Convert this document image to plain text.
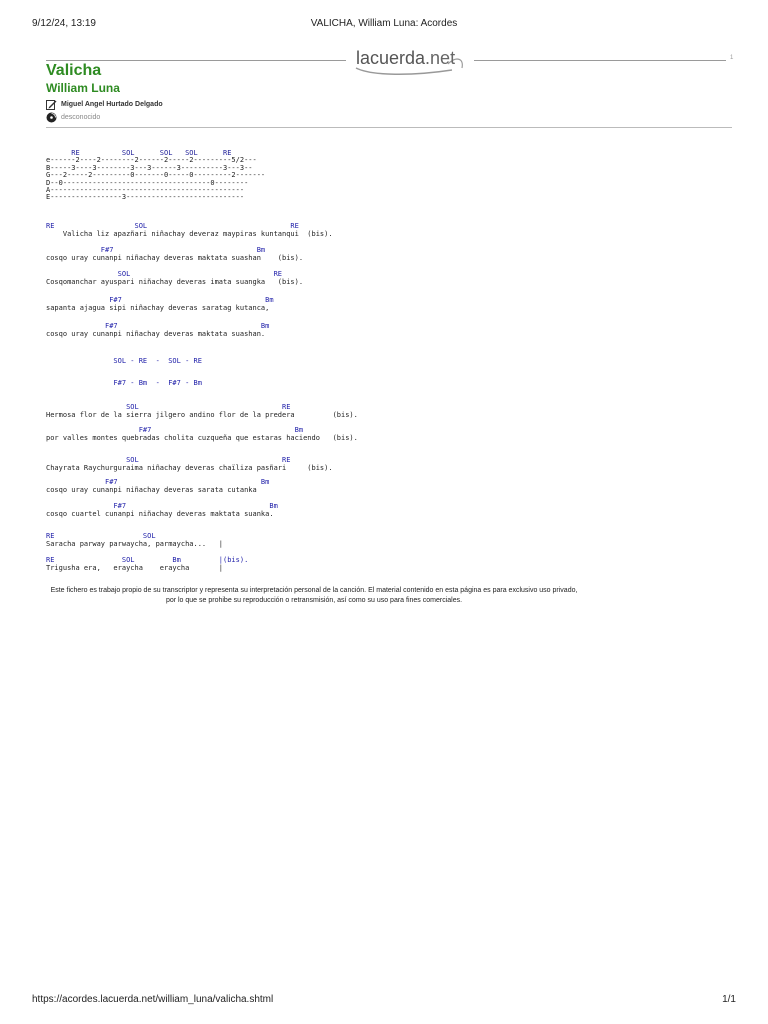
9/12/24, 13:19	VALICHA, William Luna: Acordes
lacuerda.net	1
Valicha
William Luna
Miguel Angel Hurtado Delgado
desconocido
RE          SOL      SOL   SOL      RE
e------2----2--------2------2-----2---------5/2---
B-----3----3--------3---3------3----------3---3--
G---2-----2---------0-------0-----0---------2-------
D--0-----------------------------------0--------
A----------------------------------------------
E-----------------3----------------------------
RE                   SOL                                  RE
Valicha liz apazñari niñachay deveraz maypiras kuntanqui  (bis).
F#7                                  Bm
cosqo uray cunanpi niñachay deveras maktata suashan    (bis).
SOL                                  RE
Cosqomanchar ayuspari niñachay deveras imata suangka   (bis).
F#7                                  Bm
sapanta ajagua sipi niñachay deveras saratag kutanca,
F#7                                  Bm
cosqo uray cunanpi niñachay deveras maktata suashan.
SOL - RE  -  SOL - RE
F#7 - Bm  -  F#7 - Bm
SOL                                  RE
Hermosa flor de la sierra jilgero andino flor de la predera         (bis).
F#7                                  Bm
por valles montes quebradas cholita cuzqueña que estaras haciendo   (bis).
SOL                                  RE
Chayrata Raychurguraima niñachay deveras chaïliza pasñari     (bis).
F#7                                  Bm
cosqo uray cunanpi niñachay deveras sarata cutanka
F#7                                  Bm
cosqo cuartel cunanpi niñachay deveras maktata suanka.
RE                     SOL
Saracha parway parwaycha, parmaycha...   |
RE                SOL         Bm         |(bis).
Trigusha era,   eraycha    eraycha       |
Este fichero es trabajo propio de su transcriptor y representa su interpretación personal de la canción. El material contenido en esta página es para exclusivo uso privado, por lo que se prohibe su reproducción o retransmisión, así como su uso para fines comerciales.
https://acordes.lacuerda.net/william_luna/valicha.shtml	1/1
